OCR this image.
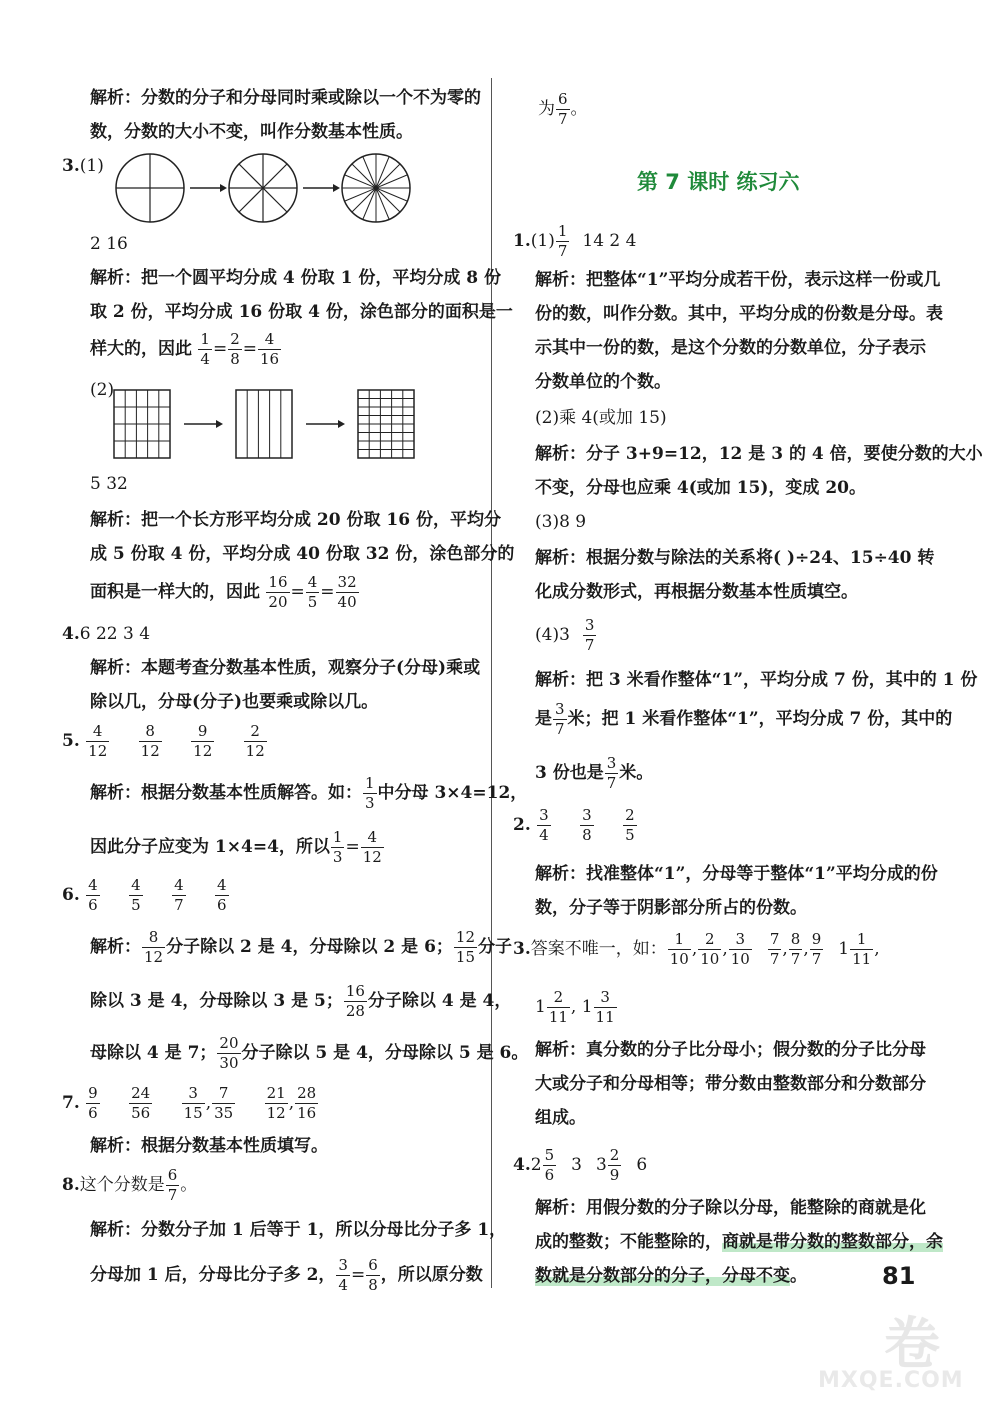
解析：分数的分子和分母同时乘或除以一个不为零的
数，分数的大小不变，叫作分数基本性质。
3.(1)
2 16
解析：把一个圆平均分成 4 份取 1 份，平均分成 8 份
取 2 份，平均分成 16 份取 4 份，涂色部分的面积是一
样大的，因此 $\frac{1}{4} = \frac{2}{8} = \frac{4}{16}$
(2)
5 32
解析：把一个长方形平均分成 20 份取 16 份，平均分
成 5 份取 4 份，平均分成 40 份取 32 份，涂色部分的
面积是一样大的，因此 $\frac{16}{20} = \frac{4}{5} = \frac{32}{40}$
4.6 22 3 4
解析：本题考查分数基本性质，观察分子(分母)乘或
除以几，分母(分子)也要乘或除以几。
5. $\frac{4}{12}$
$\frac{8}{12}$
$\frac{9}{12}$
$\frac{2}{12}$
解析：根据分数基本性质解答。如： $\frac{1}{3}$ 中分母 3×4=12，
因此分子应变为 1×4=4，所以 $\frac{1}{3} = \frac{4}{12}$
6. $\frac{4}{6}$
$\frac{4}{5}$
$\frac{4}{7}$
$\frac{4}{6}$
解析： $\frac{8}{12}$ 分子除以 2 是 4，分母除以 2 是 6； $\frac{12}{15}$ 分子
除以 3 是 4，分母除以 3 是 5； $\frac{16}{28}$ 分子除以 4 是 4，
母除以 4 是 7； $\frac{20}{30}$ 分子除以 5 是 4，分母除以 5 是 6。
7. $\frac{9}{6}$
$\frac{24}{56}$
$\frac{3}{15}$ , $\frac{7}{35}$
$\frac{21}{12}$ , $\frac{28}{16}$
解析：根据分数基本性质填写。
8.这个分数是 $\frac{6}{7}$ 。
解析：分数分子加 1 后等于 1，所以分母比分子多 1，
分母加 1 后，分母比分子多 2， $\frac{3}{4} = \frac{6}{8}$ ，所以原分数
为 $\frac{6}{7}$ 。
第 7 课时 练习六
$1.(1) \frac{1}{7} 14$ 2 4
解析：把整体“1”平均分成若干份，表示这样一份或几
份的数，叫作分数。其中，平均分成的份数是分母。表
示其中一份的数，是这个分数的分数单位，分子表示
分数单位的个数。
(2)乘 4(或加 15)
解析：分子 3+9=12，12 是 3 的 4 倍，要使分数的大小
不变，分母也应乘 4(或加 15)，变成 20。
(3)8 9
解析：根据分数与除法的关系将( )÷24、15÷40 转
化成分数形式，再根据分数基本性质填空。
$(4)3 \frac{3}{7}$
解析：把 3 米看作整体“1”，平均分成 7 份，其中的 1 份
是 $\frac{3}{7}$ 米；把 1 米看作整体“1”，平均分成 7 份，其中的
3 份也是 $\frac{3}{7}$ 米。
2. $\frac{3}{4}$
$\frac{3}{8}$
$\frac{2}{5}$
解析：找准整体“1”，分母等于整体“1”平均分成的份
数，分子等于阴影部分所占的份数。
3.答案不唯一，如： $\frac{1}{10}$ , $\frac{2}{10}$ , $\frac{3}{10} \frac{7}{7}$ , $\frac{8}{7}$ , $\frac{9}{7} 1 \frac{1}{11}$ ,
$1 \frac{2}{11}$ , $1 \frac{3}{11}$
解析：真分数的分子比分母小；假分数的分子比分母
大或分子和分母相等；带分数由整数部分和分数部分
组成。
$4.2 \frac{5}{6} 3$ $3 \frac{2}{9} 6$
解析：用假分数的分子除以分母，能整除的商就是化
成的整数；不能整除的，商就是带分数的整数部分，余
数就是分数部分的分子，分母不变。	81
卷
MXQE.COM
